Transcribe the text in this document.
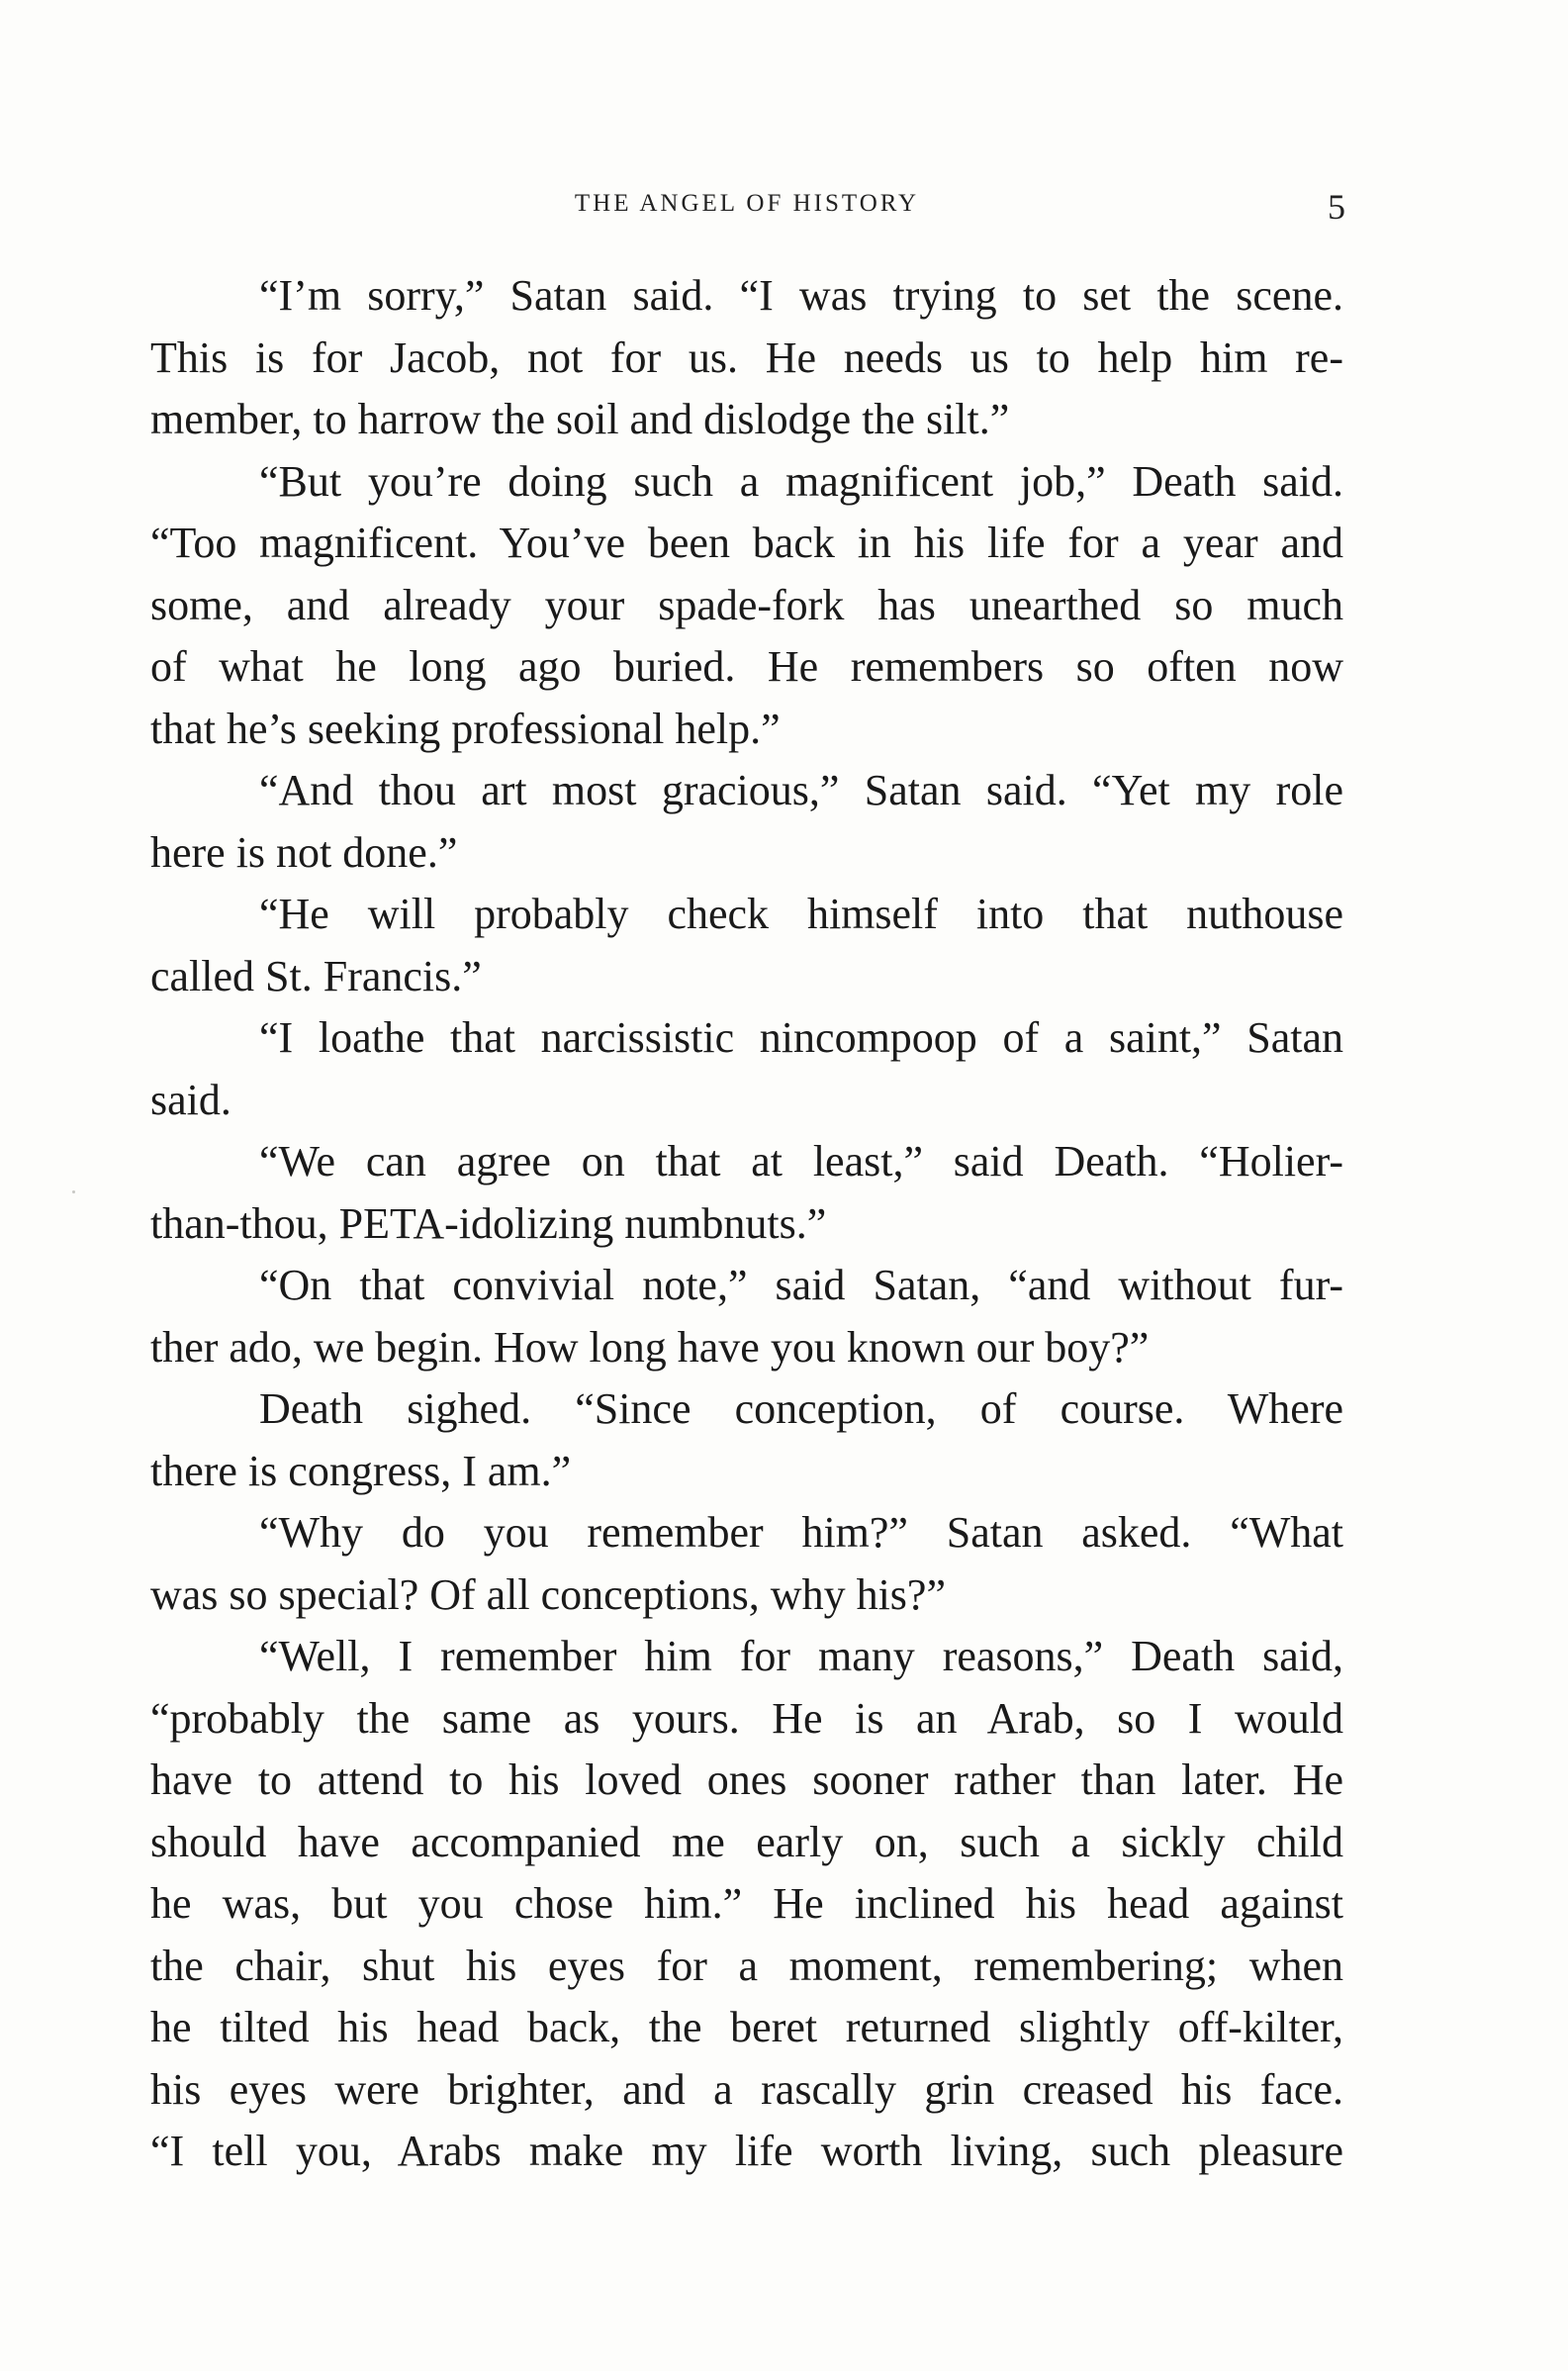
THE ANGEL OF HISTORY	5
“I’m sorry,” Satan said. “I was trying to set the scene.
This is for Jacob, not for us. He needs us to help him re-
member, to harrow the soil and dislodge the silt.”
“But you’re doing such a magnificent job,” Death said.
“Too magnificent. You’ve been back in his life for a year and
some, and already your spade-fork has unearthed so much
of what he long ago buried. He remembers so often now
that he’s seeking professional help.”
“And thou art most gracious,” Satan said. “Yet my role
here is not done.”
“He will probably check himself into that nuthouse
called St. Francis.”
“I loathe that narcissistic nincompoop of a saint,” Satan
said.
“We can agree on that at least,” said Death. “Holier-
than-thou, PETA-idolizing numbnuts.”
“On that convivial note,” said Satan, “and without fur-
ther ado, we begin. How long have you known our boy?”
Death sighed. “Since conception, of course. Where
there is congress, I am.”
“Why do you remember him?” Satan asked. “What
was so special? Of all conceptions, why his?”
“Well, I remember him for many reasons,” Death said,
“probably the same as yours. He is an Arab, so I would
have to attend to his loved ones sooner rather than later. He
should have accompanied me early on, such a sickly child
he was, but you chose him.” He inclined his head against
the chair, shut his eyes for a moment, remembering; when
he tilted his head back, the beret returned slightly off-kilter,
his eyes were brighter, and a rascally grin creased his face.
“I tell you, Arabs make my life worth living, such pleasure
